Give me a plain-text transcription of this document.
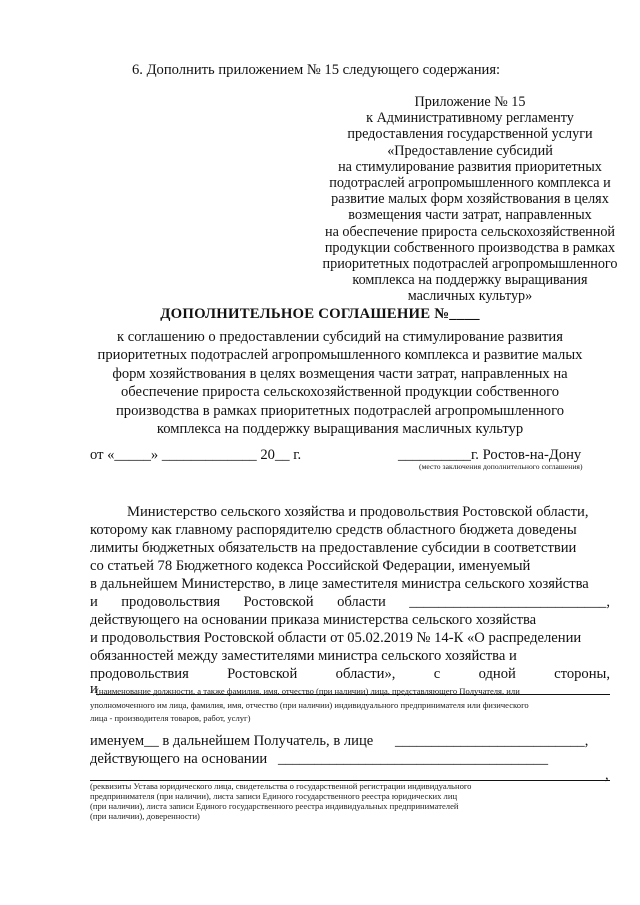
6. Дополнить приложением № 15 следующего содержания:
Приложение № 15
к Административному регламенту
предоставления государственной услуги
«Предоставление субсидий
на стимулирование развития приоритетных
подотраслей агропромышленного комплекса и
развитие малых форм хозяйствования в целях
возмещения части затрат, направленных
на обеспечение прироста сельскохозяйственной
продукции собственного производства в рамках
приоритетных подотраслей агропромышленного
комплекса на поддержку выращивания
масличных культур»
ДОПОЛНИТЕЛЬНОЕ СОГЛАШЕНИЕ №____
к соглашению о предоставлении субсидий на стимулирование развития
приоритетных подотраслей агропромышленного комплекса и развитие малых
форм хозяйствования в целях возмещения части затрат, направленных на
обеспечение прироста сельскохозяйственной продукции собственного
производства в рамках приоритетных подотраслей агропромышленного
комплекса на поддержку выращивания масличных культур
от «_____» _____________ 20__ г.	__________г. Ростов-на-Дону
(место заключения дополнительного соглашения)
Министерство сельского хозяйства и продовольствия Ростовской области,
которому как главному распорядителю средств областного бюджета доведены
лимиты бюджетных обязательств на предоставление субсидии в соответствии
со статьей 78 Бюджетного кодекса Российской Федерации, именуемый
в дальнейшем Министерство, в лице заместителя министра сельского хозяйства
и продовольствия Ростовской области ___________________________,
действующего на основании приказа министерства сельского хозяйства
и продовольствия Ростовской области от 05.02.2019 № 14-К «О распределении
обязанностей между заместителями министра сельского хозяйства и
продовольствия	Ростовской	области»,	с	одной	стороны,
и
(наименование должности, а также фамилия, имя, отчество (при наличии) лица, представляющего Получателя, или
уполномоченного им лица, фамилия, имя, отчество (при наличии) индивидуального предпринимателя или физического
лица - производителя товаров, работ, услуг)
именуем__ в дальнейшем Получатель, в лице __________________________,
действующего на основании _____________________________________
,
(реквизиты Устава юридического лица, свидетельства о государственной регистрации индивидуального
предпринимателя (при наличии), листа записи Единого государственного реестра юридических лиц
(при наличии), листа записи Единого государственного реестра индивидуальных предпринимателей
(при наличии), доверенности)
